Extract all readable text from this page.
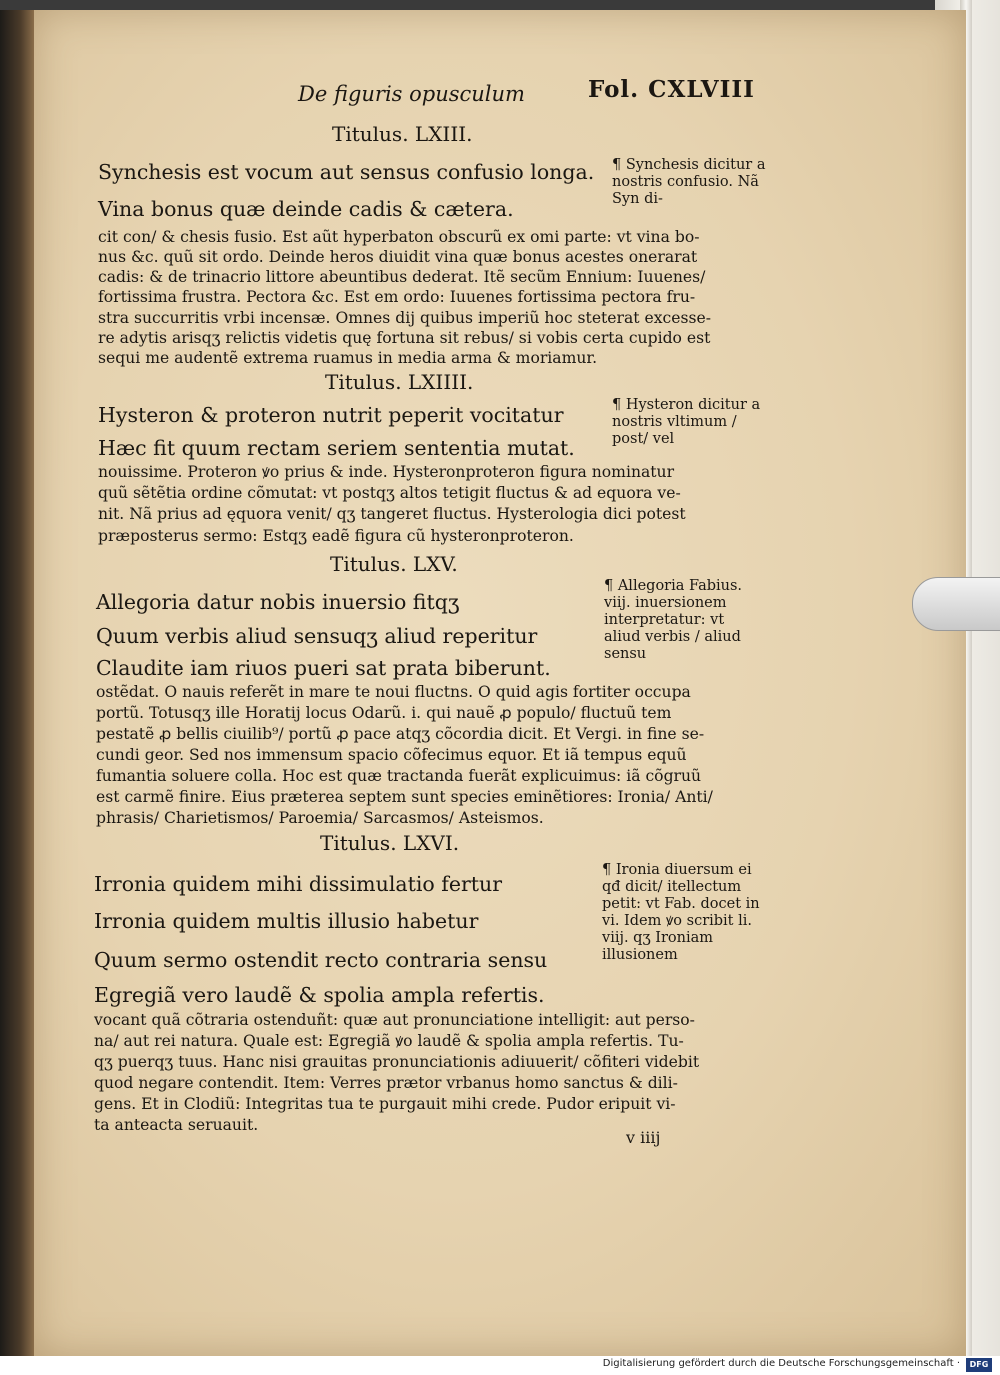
De figuris opusculum	Fol. CXLVIII
Titulus. LXIII.
Synchesis est vocum aut sensus confusio longa.
Vina bonus quæ deinde cadis & cætera.
¶ Synchesis dicitur a nostris confusio. Nã Syn di-
cit con/ & chesis fusio. Est aũt hyperbaton obscurũ ex omi parte: vt vina bo-
nus &c. quũ sit ordo. Deinde heros diuidit vina quæ bonus acestes onerarat
cadis: & de trinacrio littore abeuntibus dederat. Itẽ secũm Ennium: Iuuenes/
fortissima frustra. Pectora &c. Est em ordo: Iuuenes fortissima pectora fru-
stra succurritis vrbi incensæ. Omnes dij quibus imperiũ hoc steterat excesse-
re adytis arisqʒ relictis videtis quę fortuna sit rebus/ si vobis certa cupido est
sequi me audentẽ extrema ruamus in media arma & moriamur.
Titulus. LXIIII.
Hysteron & proteron nutrit peperit vocitatur
Hæc fit quum rectam seriem sententia mutat.
¶ Hysteron dicitur a nostris vltimum / post/ vel
nouissime. Proteron ꝟo prius & inde. Hysteronproteron figura nominatur
quũ sẽtẽtia ordine cõmutat: vt postqʒ altos tetigit fluctus & ad equora ve-
nit. Nã prius ad ęquora venit/ qʒ tangeret fluctus. Hysterologia dici potest
præposterus sermo: Estqʒ eadẽ figura cũ hysteronproteron.
Titulus. LXV.
Allegoria datur nobis inuersio fitqʒ
Quum verbis aliud sensuqʒ aliud reperitur
Claudite iam riuos pueri sat prata biberunt.
¶ Allegoria Fabius. viij. inuersionem interpretatur: vt aliud verbis / aliud sensu
ostẽdat. O nauis referẽt in mare te noui fluctns. O quid agis fortiter occupa
portũ. Totusqʒ ille Horatij locus Odarũ. i. qui nauẽ ꝓ populo/ fluctuũ tem
pestatẽ ꝓ bellis ciuilib⁹/ portũ ꝓ pace atqʒ cõcordia dicit. Et Vergi. in fine se-
cundi geor. Sed nos immensum spacio cõfecimus equor. Et iã tempus equũ
fumantia soluere colla. Hoc est quæ tractanda fuerãt explicuimus: iã cõgruũ
est carmẽ finire. Eius præterea septem sunt species eminẽtiores: Ironia/ Anti/
phrasis/ Charietismos/ Paroemia/ Sarcasmos/ Asteismos.
Titulus. LXVI.
Irronia quidem mihi dissimulatio fertur
Irronia quidem multis illusio habetur
Quum sermo ostendit recto contraria sensu
Egregiã vero laudẽ & spolia ampla refertis.
¶ Ironia diuersum ei qđ dicit/ itellectum petit: vt Fab. docet in vi. Idem ꝟo scribit li. viij. qʒ Ironiam illusionem
vocant quã cõtraria ostenduñt: quæ aut pronunciatione intelligit: aut perso-
na/ aut rei natura. Quale est: Egregiã ꝟo laudẽ & spolia ampla refertis. Tu-
qʒ puerqʒ tuus. Hanc nisi grauitas pronunciationis adiuuerit/ cõfiteri videbit
quod negare contendit. Item: Verres prætor vrbanus homo sanctus & dili-
gens. Et in Clodiũ: Integritas tua te purgauit mihi crede. Pudor eripuit vi-
ta anteacta seruauit.
v iiij
Digitalisierung gefördert durch die Deutsche Forschungsgemeinschaft ·	DFG
